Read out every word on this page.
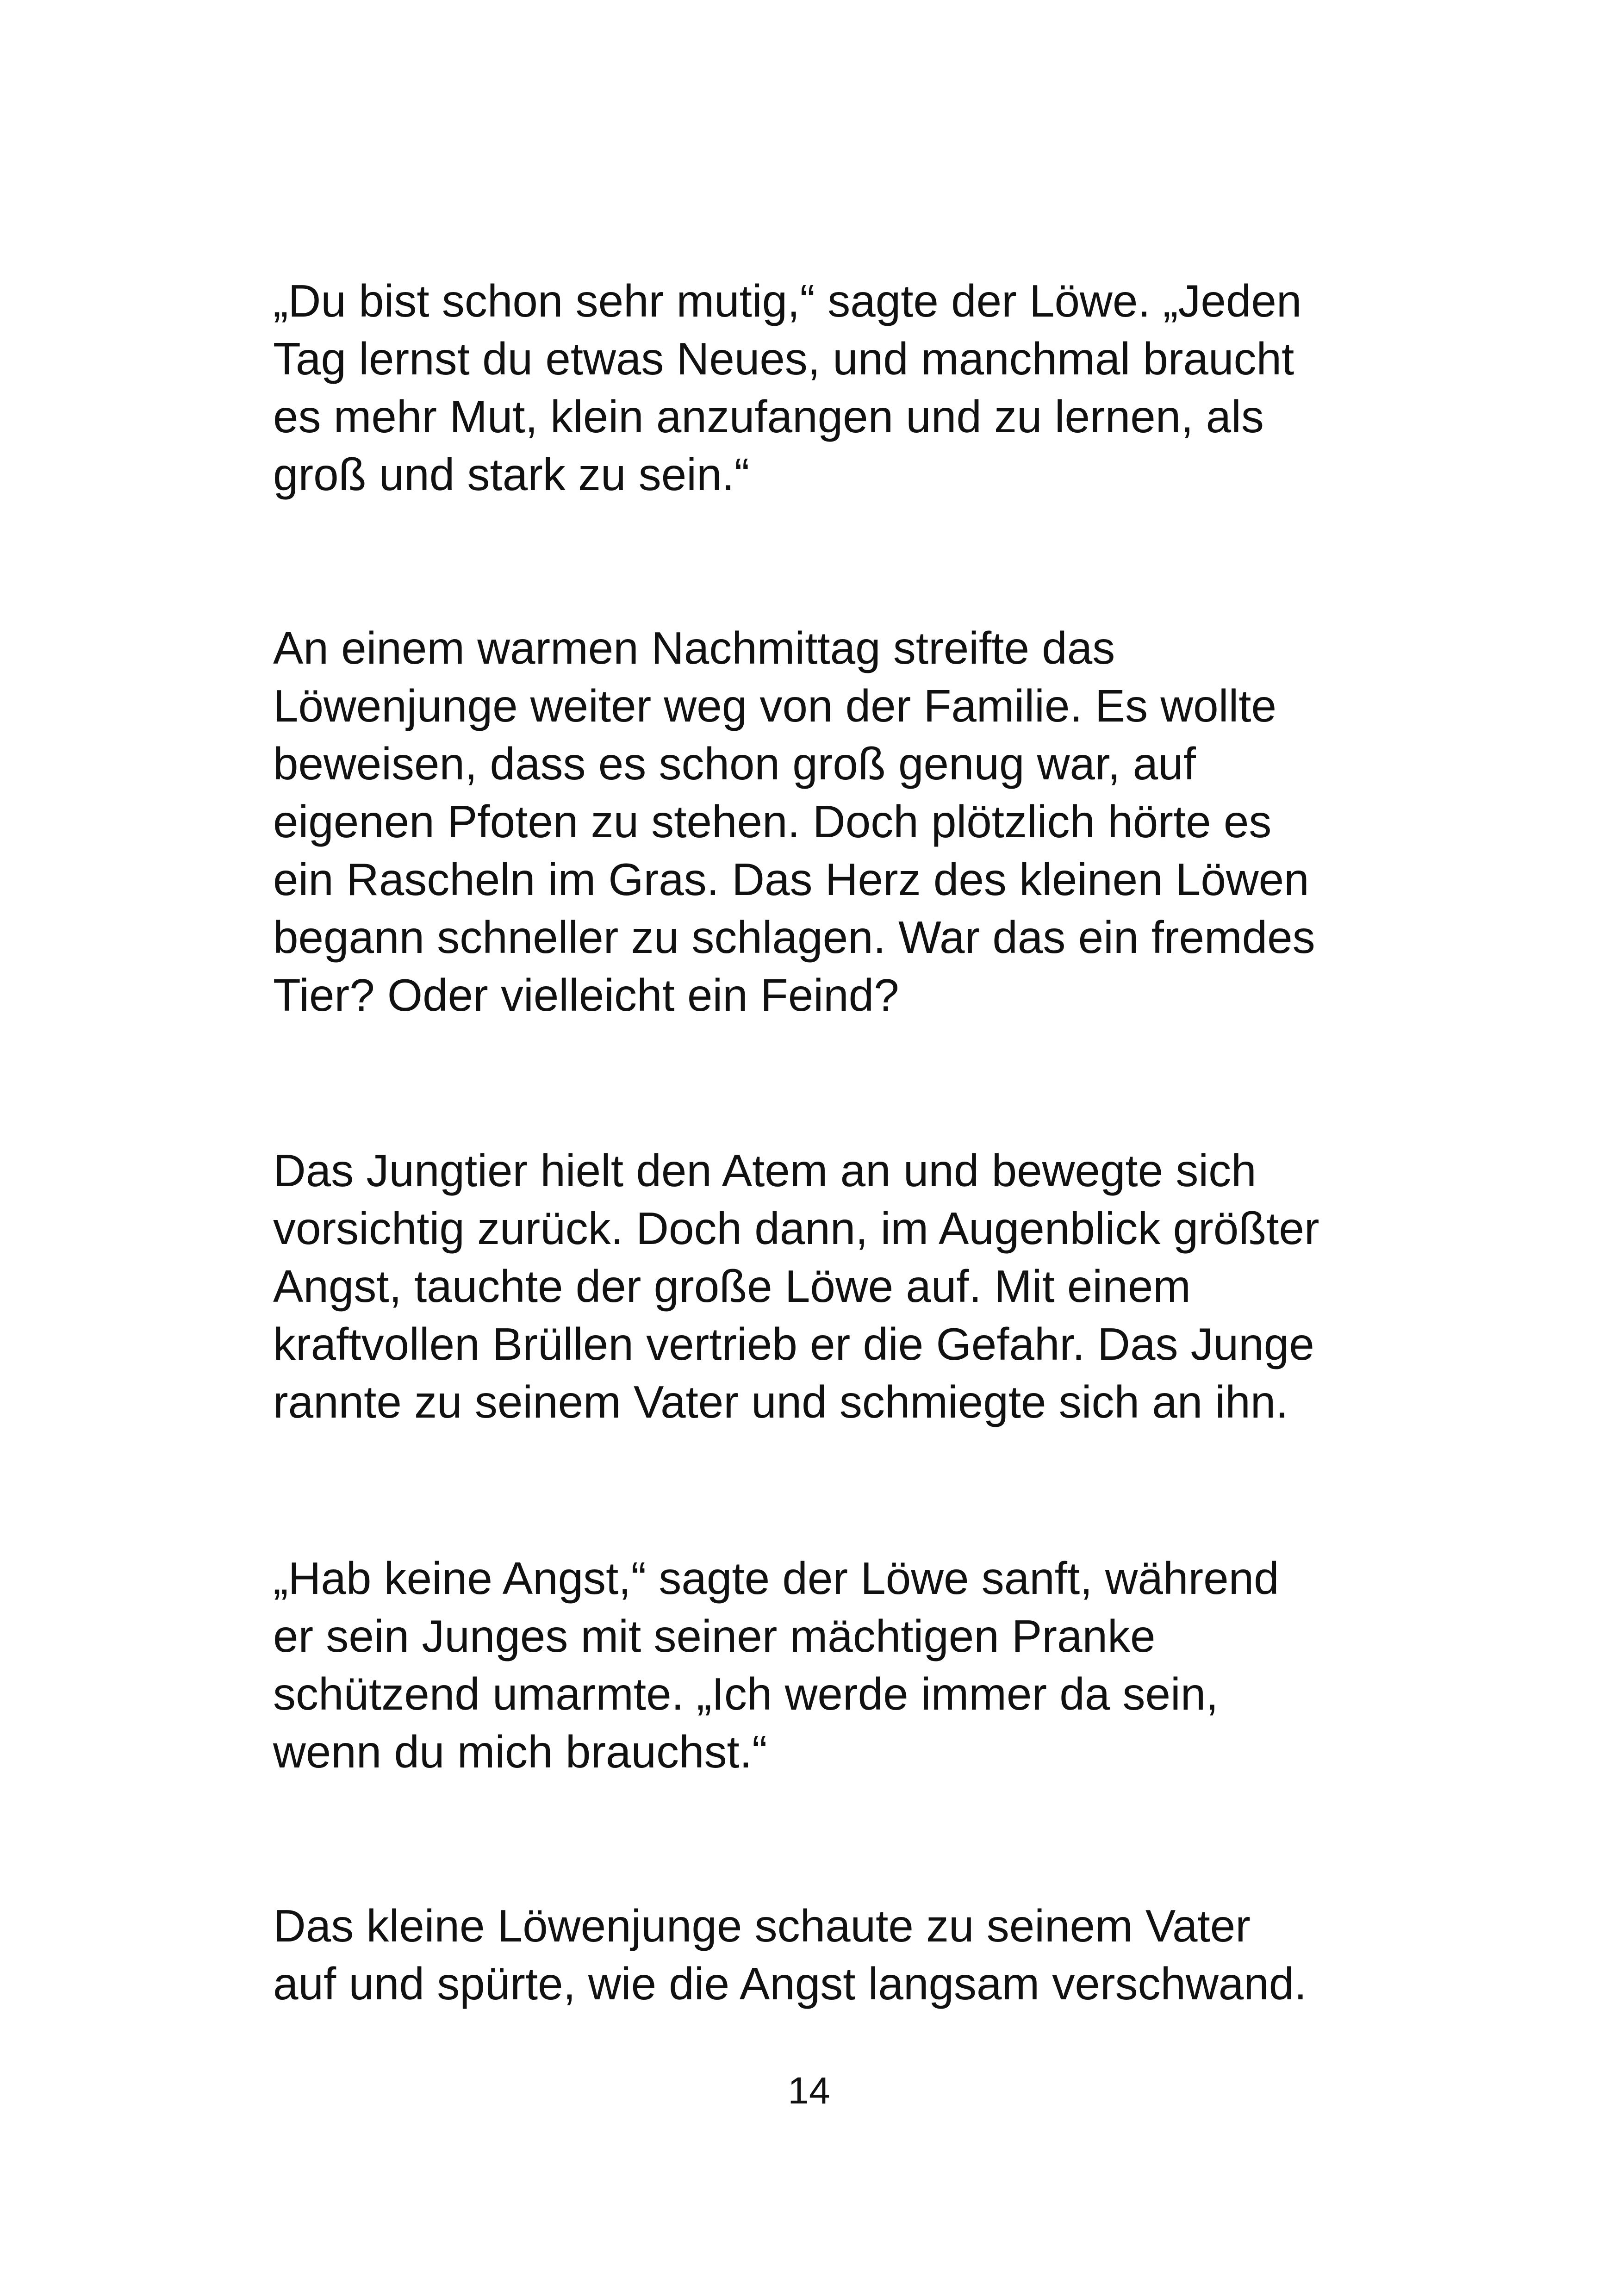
„Du bist schon sehr mutig,“ sagte der Löwe. „Jeden
Tag lernst du etwas Neues, und manchmal braucht
es mehr Mut, klein anzufangen und zu lernen, als
groß und stark zu sein.“

An einem warmen Nachmittag streifte das
Löwenjunge weiter weg von der Familie. Es wollte
beweisen, dass es schon groß genug war, auf
eigenen Pfoten zu stehen. Doch plötzlich hörte es
ein Rascheln im Gras. Das Herz des kleinen Löwen
begann schneller zu schlagen. War das ein fremdes
Tier? Oder vielleicht ein Feind?

Das Jungtier hielt den Atem an und bewegte sich
vorsichtig zurück. Doch dann, im Augenblick größter
Angst, tauchte der große Löwe auf. Mit einem
kraftvollen Brüllen vertrieb er die Gefahr. Das Junge
rannte zu seinem Vater und schmiegte sich an ihn.

„Hab keine Angst,“ sagte der Löwe sanft, während
er sein Junges mit seiner mächtigen Pranke
schützend umarmte. „Ich werde immer da sein,
wenn du mich brauchst.“

Das kleine Löwenjunge schaute zu seinem Vater
auf und spürte, wie die Angst langsam verschwand.

14
